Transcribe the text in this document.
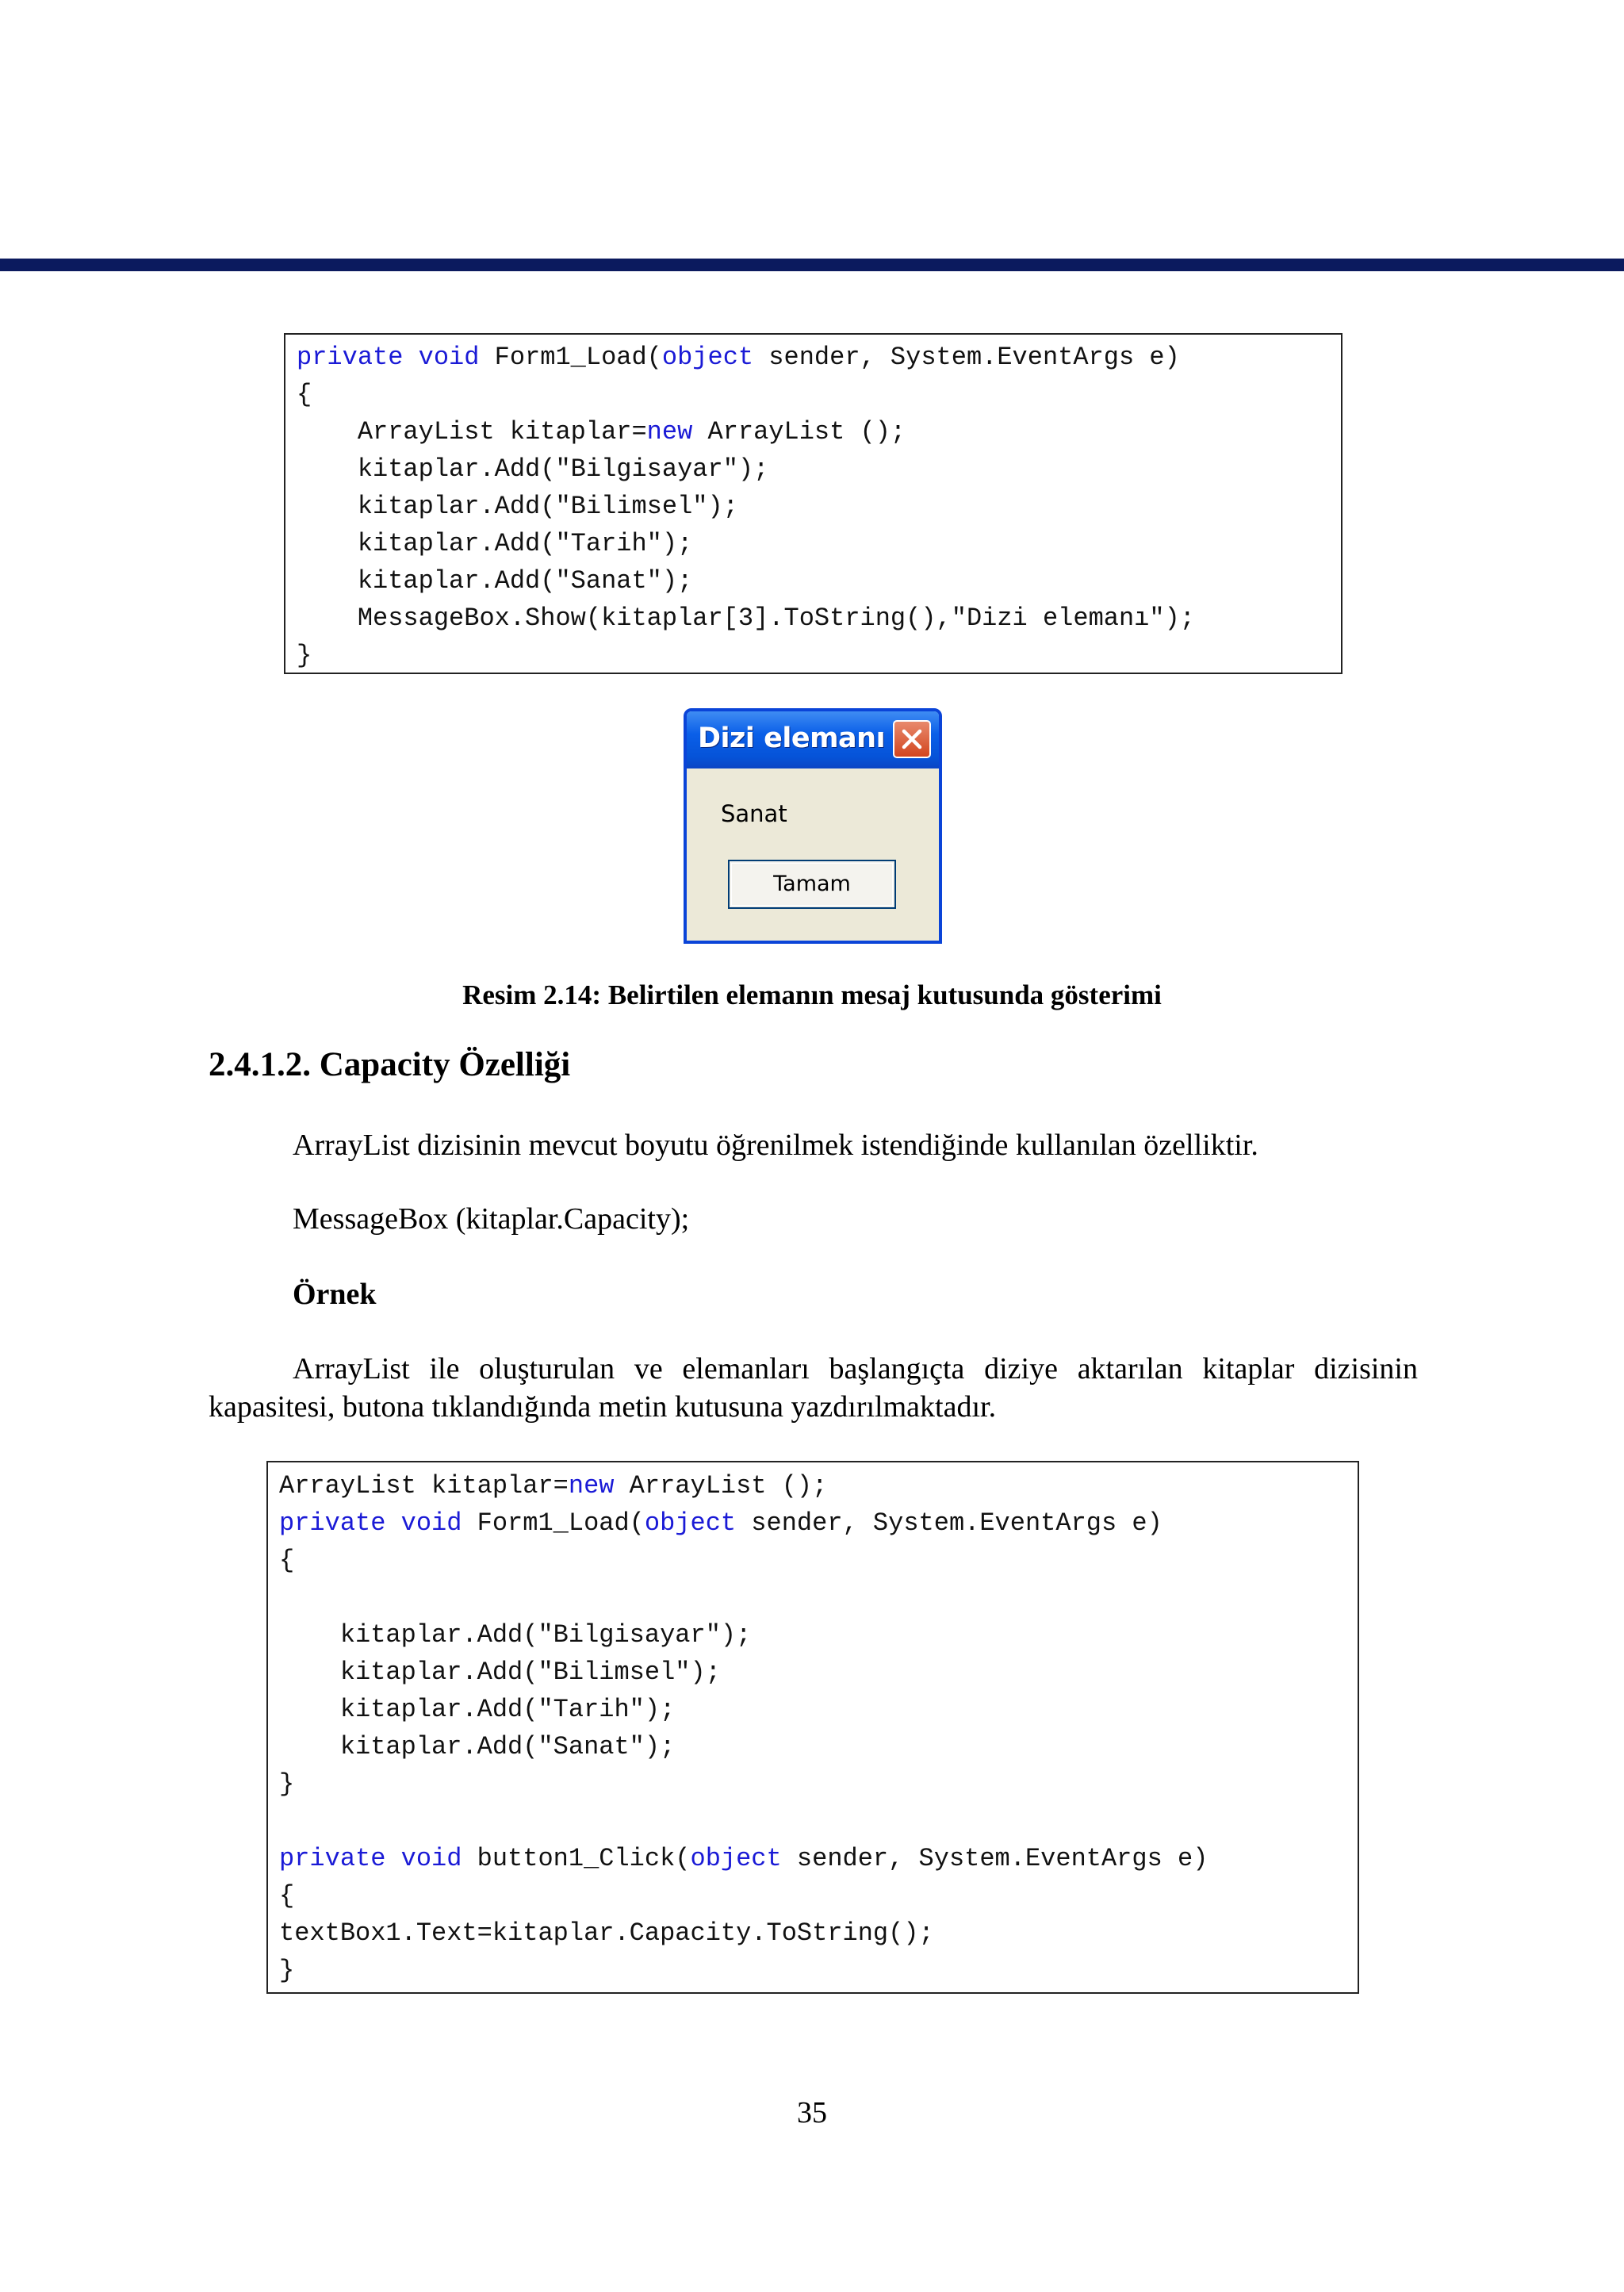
private void Form1_Load(object sender, System.EventArgs e)
{
ArrayList kitaplar=new ArrayList ();
kitaplar.Add("Bilgisayar");
kitaplar.Add("Bilimsel");
kitaplar.Add("Tarih");
kitaplar.Add("Sanat");
MessageBox.Show(kitaplar[3].ToString(),"Dizi elemanı");
}
Dizi elemanı
Sanat
Tamam
Resim 2.14: Belirtilen elemanın mesaj kutusunda gösterimi
2.4.1.2. Capacity Özelliği

ArrayList dizisinin mevcut boyutu öğrenilmek istendiğinde kullanılan özelliktir.

MessageBox (kitaplar.Capacity);

Örnek

ArrayList ile oluşturulan ve elemanları başlangıçta diziye aktarılan kitaplar dizisinin kapasitesi, butona tıklandığında metin kutusuna yazdırılmaktadır.

ArrayList kitaplar=new ArrayList ();
private void Form1_Load(object sender, System.EventArgs e)
{
kitaplar.Add("Bilgisayar");
kitaplar.Add("Bilimsel");
kitaplar.Add("Tarih");
kitaplar.Add("Sanat");
}
private void button1_Click(object sender, System.EventArgs e)
{
textBox1.Text=kitaplar.Capacity.ToString();
}
35
